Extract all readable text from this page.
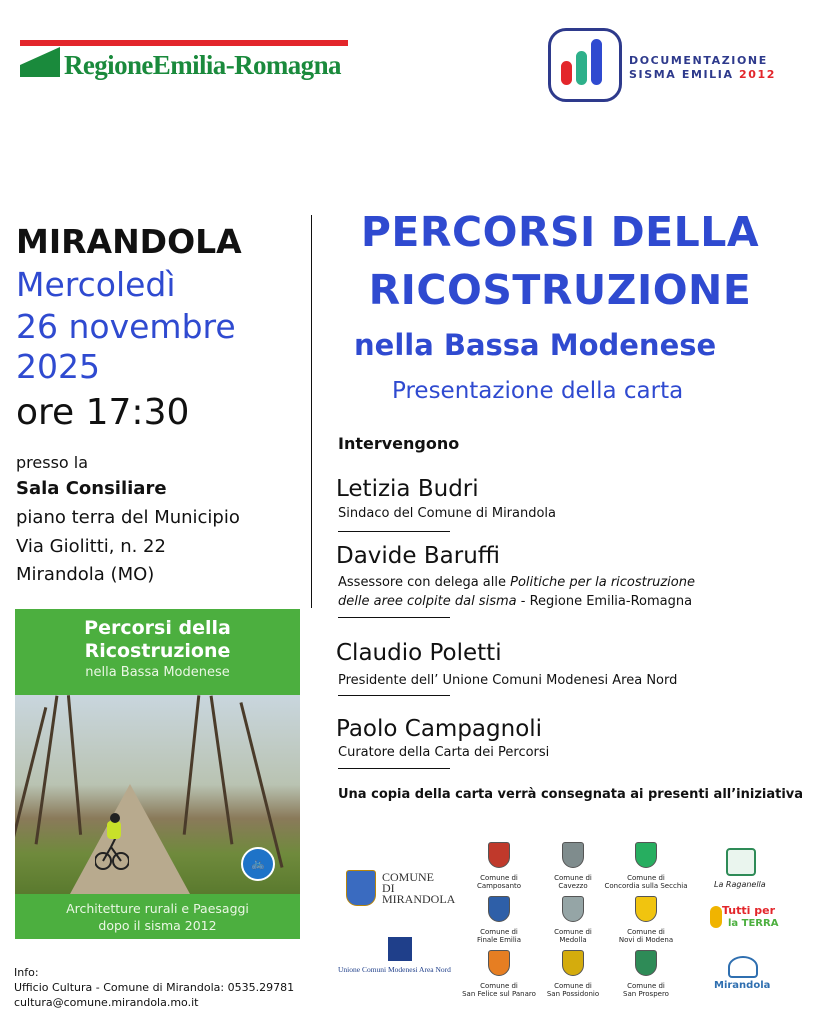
RegioneEmilia-Romagna	DOCUMENTAZIONE
SISMA EMILIA 2012
MIRANDOLA
Mercoledì
26 novembre
2025
ore 17:30
presso la
Sala Consiliare
piano terra del Municipio
Via Giolitti, n. 22
Mirandola (MO)
PERCORSI DELLA
RICOSTRUZIONE
nella Bassa Modenese
Presentazione della carta
Intervengono
Letizia Budri
Sindaco del Comune di Mirandola
Davide Baruffi
Assessore con delega alle Politiche per la ricostruzione
delle aree colpite dal sisma - Regione Emilia-Romagna
Claudio Poletti
Presidente dell’ Unione Comuni Modenesi Area Nord
Paolo Campagnoli
Curatore della Carta dei Percorsi
Una copia della carta verrà consegnata ai presenti all’iniziativa
Percorsi della
Ricostruzione
nella Bassa Modenese
🚲
Architetture rurali e Paesaggi
dopo il sisma 2012
Info:
Ufficio Cultura - Comune di Mirandola: 0535.29781
cultura@comune.mirandola.mo.it
COMUNE
DI
MIRANDOLA
Unione Comuni Modenesi Area Nord
Comune di
Camposanto
Comune di
Cavezzo
Comune di
Concordia sulla Secchia
Comune di
Finale Emilia
Comune di
Medolla
Comune di
Novi di Modena
Comune di
San Felice sul Panaro
Comune di
San Possidonio
Comune di
San Prospero
La Raganella
Tutti per
la TERRA
Mirandola
